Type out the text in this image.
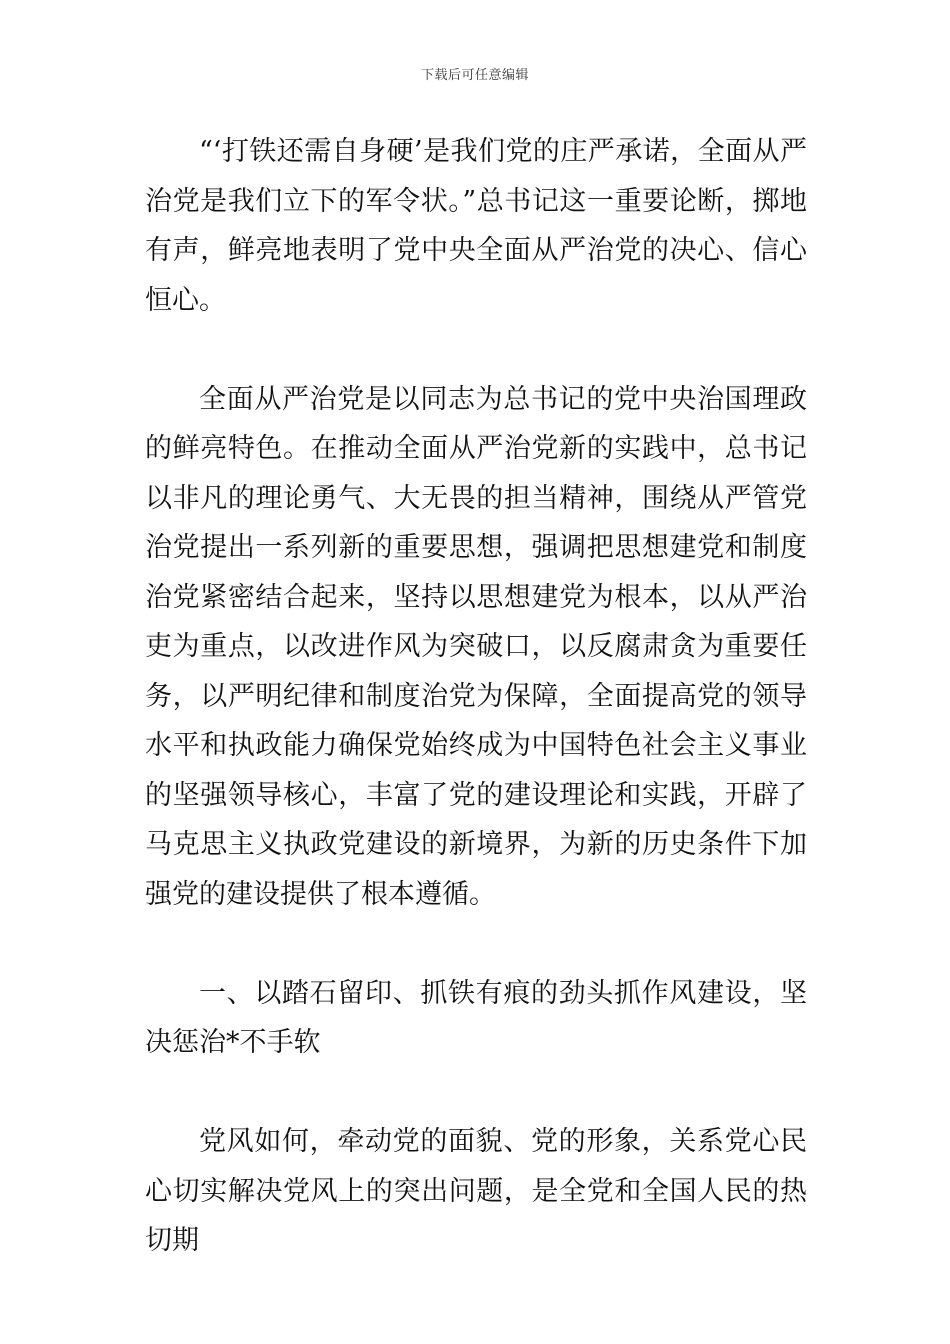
下载后可任意编辑

“‘打铁还需自身硬’是我们党的庄严承诺，全面从严治党是我们立下的军令状。”总书记这一重要论断，掷地有声，鲜亮地表明了党中央全面从严治党的决心、信心恒心。

全面从严治党是以同志为总书记的党中央治国理政的鲜亮特色。在推动全面从严治党新的实践中，总书记以非凡的理论勇气、大无畏的担当精神，围绕从严管党治党提出一系列新的重要思想，强调把思想建党和制度治党紧密结合起来，坚持以思想建党为根本，以从严治吏为重点，以改进作风为突破口，以反腐肃贪为重要任务，以严明纪律和制度治党为保障，全面提高党的领导水平和执政能力确保党始终成为中国特色社会主义事业的坚强领导核心，丰富了党的建设理论和实践，开辟了马克思主义执政党建设的新境界，为新的历史条件下加强党的建设提供了根本遵循。

一、以踏石留印、抓铁有痕的劲头抓作风建设，坚决惩治*不手软

党风如何，牵动党的面貌、党的形象，关系党心民心切实解决党风上的突出问题，是全党和全国人民的热切期
